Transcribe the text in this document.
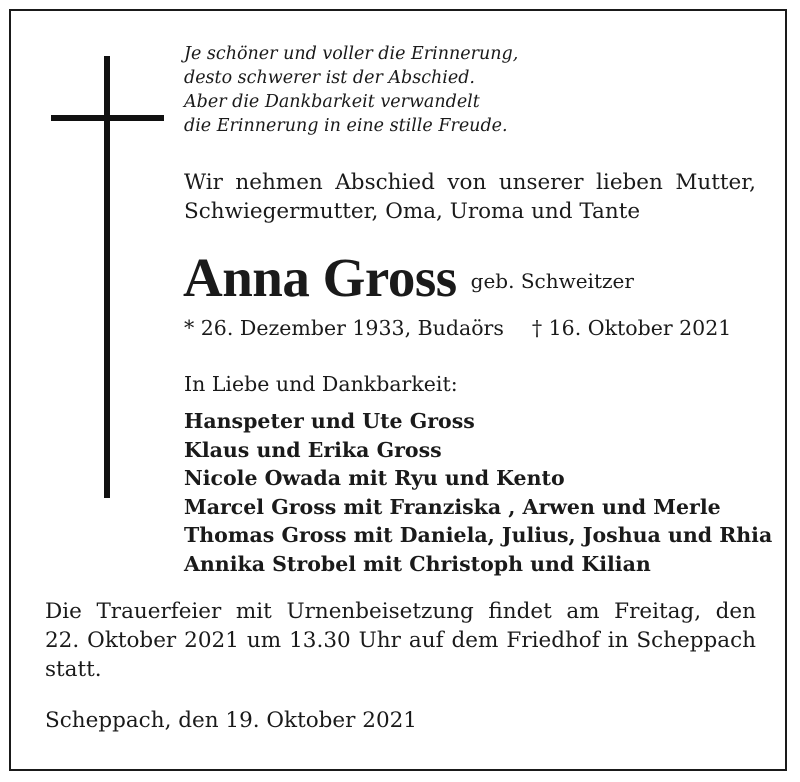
Je schöner und voller die Erinnerung,
desto schwerer ist der Abschied.
Aber die Dankbarkeit verwandelt
die Erinnerung in eine stille Freude.
Wir nehmen Abschied von unserer lieben Mutter,
Schwiegermutter, Oma, Uroma und Tante
Anna Gross geb. Schweitzer
* 26. Dezember 1933, Budaörs † 16. Oktober 2021
In Liebe und Dankbarkeit:
Hanspeter und Ute Gross
Klaus und Erika Gross
Nicole Owada mit Ryu und Kento
Marcel Gross mit Franziska , Arwen und Merle
Thomas Gross mit Daniela, Julius, Joshua und Rhia
Annika Strobel mit Christoph und Kilian
Die Trauerfeier mit Urnenbeisetzung findet am Freitag, den
22. Oktober 2021 um 13.30 Uhr auf dem Friedhof in Scheppach
statt.
Scheppach, den 19. Oktober 2021
